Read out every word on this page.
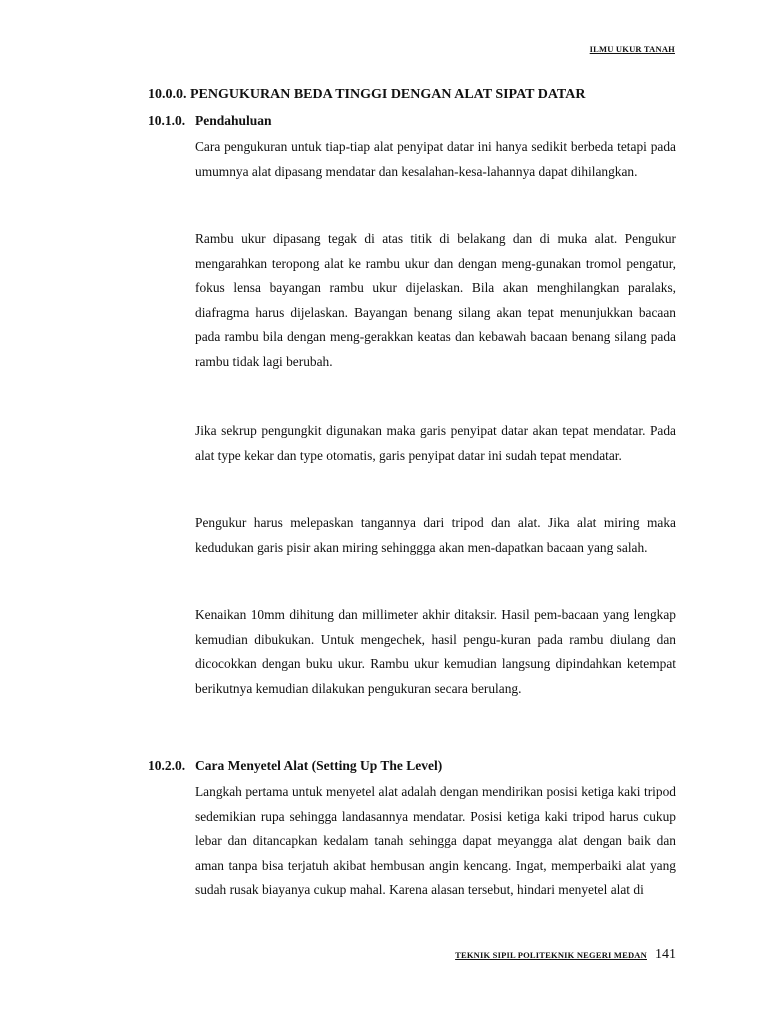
ILMU UKUR TANAH
10.0.0. PENGUKURAN BEDA TINGGI DENGAN ALAT SIPAT DATAR
10.1.0. Pendahuluan

Cara pengukuran untuk tiap-tiap alat penyipat datar ini hanya sedikit berbeda tetapi pada umumnya alat dipasang mendatar dan kesalahan-kesa-lahannya dapat dihilangkan.

Rambu ukur dipasang tegak di atas titik di belakang dan di muka alat. Pengukur mengarahkan teropong alat ke rambu ukur dan dengan meng-gunakan tromol pengatur, fokus lensa bayangan rambu ukur dijelaskan. Bila akan menghilangkan paralaks, diafragma harus dijelaskan. Bayangan benang silang akan tepat menunjukkan bacaan pada rambu bila dengan meng-gerakkan keatas dan kebawah bacaan benang silang pada rambu tidak lagi berubah.

Jika sekrup pengungkit digunakan maka garis penyipat datar akan tepat mendatar. Pada alat type kekar dan type otomatis, garis penyipat datar ini sudah tepat mendatar.

Pengukur harus melepaskan tangannya dari tripod dan alat. Jika alat miring maka kedudukan garis pisir akan miring sehinggga akan men-dapatkan bacaan yang salah.

Kenaikan 10mm dihitung dan millimeter akhir ditaksir. Hasil pem-bacaan yang lengkap kemudian dibukukan. Untuk mengechek, hasil pengu-kuran pada rambu diulang dan dicocokkan dengan buku ukur. Rambu ukur kemudian langsung dipindahkan ketempat berikutnya kemudian dilakukan pengukuran secara berulang.

10.2.0. Cara Menyetel Alat (Setting Up The Level)

Langkah pertama untuk menyetel alat adalah dengan mendirikan posisi ketiga kaki tripod sedemikian rupa sehingga landasannya mendatar. Posisi ketiga kaki tripod harus cukup lebar dan ditancapkan kedalam tanah sehingga dapat meyangga alat dengan baik dan aman tanpa bisa terjatuh akibat hembusan angin kencang. Ingat, memperbaiki alat yang sudah rusak biayanya cukup mahal. Karena alasan tersebut, hindari menyetel alat di

TEKNIK SIPIL POLITEKNIK NEGERI MEDAN 141
